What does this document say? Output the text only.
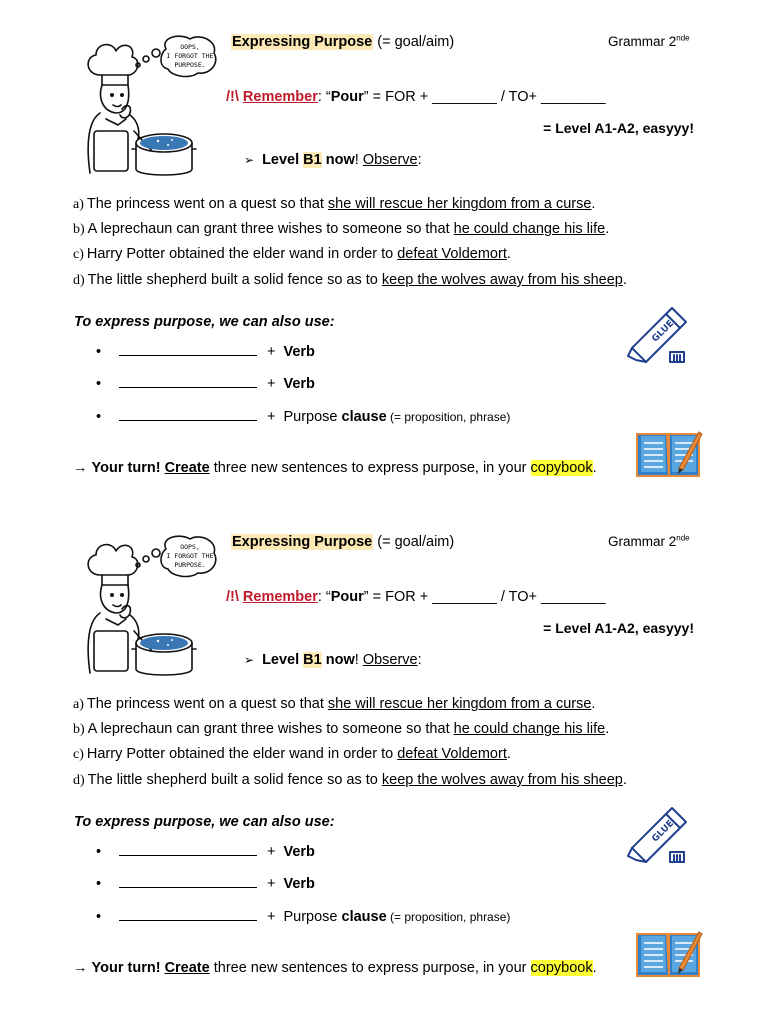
OOPS,
I FORGOT THE
PURPOSE.
Expressing Purpose (= goal/aim)	Grammar 2nde
/!\ Remember: “Pour” = FOR + ________ / TO+ ________
= Level A1-A2, easyyy!
➢ Level B1 now! Observe:
a) The princess went on a quest so that she will rescue her kingdom from a curse.
b) A leprechaun can grant three wishes to someone so that he could change his life.
c) Harry Potter obtained the elder wand in order to defeat Voldemort.
d) The little shepherd built a solid fence so as to keep the wolves away from his sheep.
To express purpose, we can also use:
•	+ Verb
•	+ Verb
•	+ Purpose clause (= proposition, phrase)
GLUE
→ Your turn! Create three new sentences to express purpose, in your copybook.
OOPS,
I FORGOT THE
PURPOSE.
Expressing Purpose (= goal/aim)	Grammar 2nde
/!\ Remember: “Pour” = FOR + ________ / TO+ ________
= Level A1-A2, easyyy!
➢ Level B1 now! Observe:
a) The princess went on a quest so that she will rescue her kingdom from a curse.
b) A leprechaun can grant three wishes to someone so that he could change his life.
c) Harry Potter obtained the elder wand in order to defeat Voldemort.
d) The little shepherd built a solid fence so as to keep the wolves away from his sheep.
To express purpose, we can also use:
•	+ Verb
•	+ Verb
•	+ Purpose clause (= proposition, phrase)
GLUE
→ Your turn! Create three new sentences to express purpose, in your copybook.
